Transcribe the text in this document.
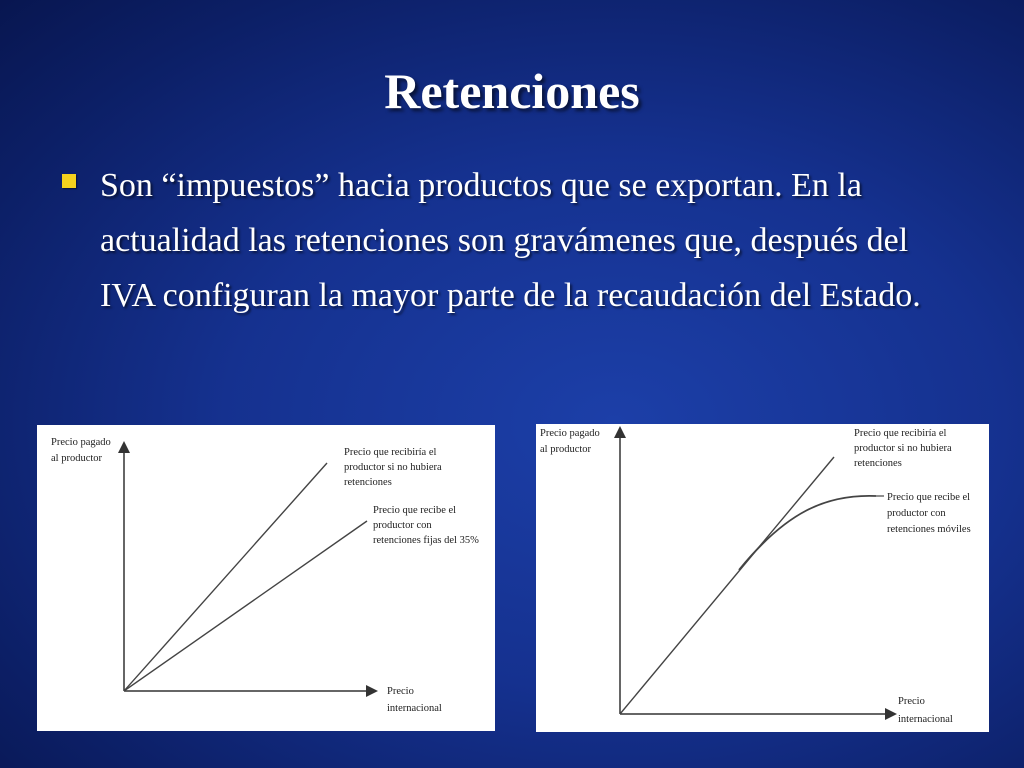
Retenciones

Son “impuestos” hacia productos que se exportan. En la actualidad las retenciones son gravámenes que, después del IVA configuran la mayor parte de la recaudación del Estado.

Precio pagado
al productor
Precio que recibiría el
productor si no hubiera
retenciones
Precio que recibe el
productor con
retenciones fijas del 35%
Precio
internacional
Precio pagado
al productor
Precio que recibiría el
productor si no hubiera
retenciones
Precio que recibe el
productor con
retenciones móviles
Precio
internacional
